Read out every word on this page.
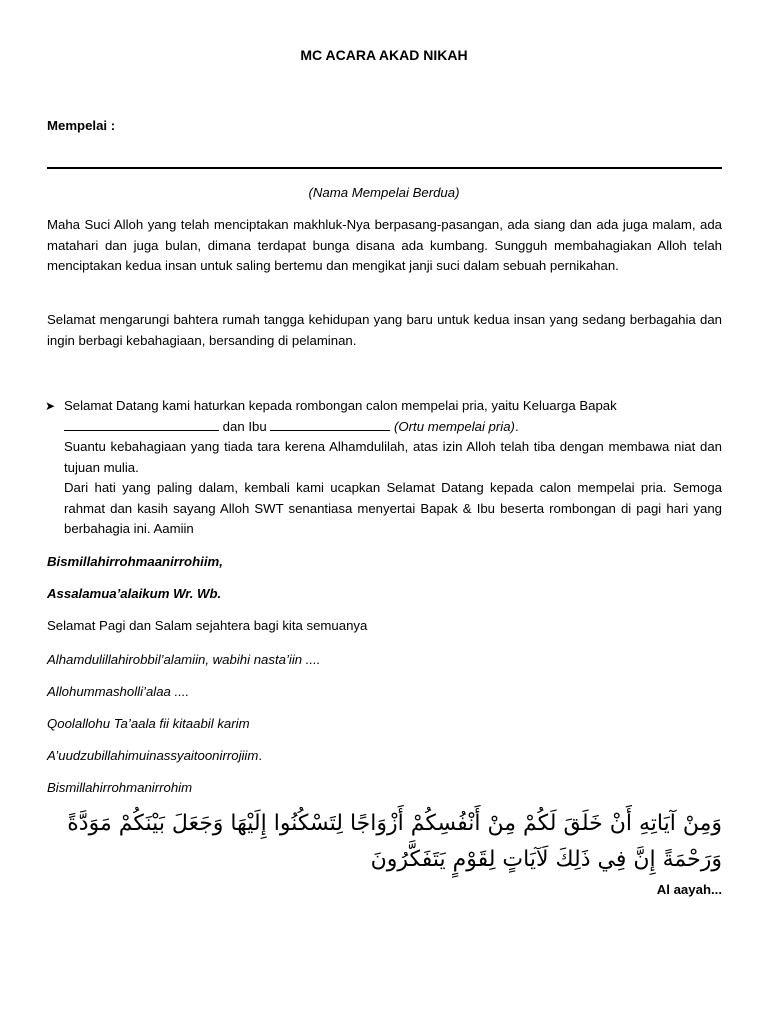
MC ACARA AKAD NIKAH
Mempelai :
(Nama Mempelai Berdua)

Maha Suci Alloh yang telah menciptakan makhluk-Nya berpasang-pasangan, ada siang dan ada juga malam, ada matahari dan juga bulan, dimana terdapat bunga disana ada kumbang. Sungguh membahagiakan Alloh telah menciptakan kedua insan untuk saling bertemu dan mengikat janji suci dalam sebuah pernikahan.

Selamat mengarungi bahtera rumah tangga kehidupan yang baru untuk kedua insan yang sedang berbagahia dan ingin berbagi kebahagiaan, bersanding di pelaminan.

➤ Selamat Datang kami haturkan kepada rombongan calon mempelai pria, yaitu Keluarga Bapak
dan Ibu	(Ortu mempelai pria).
Suantu kebahagiaan yang tiada tara kerena Alhamdulilah, atas izin Alloh telah tiba dengan membawa niat dan tujuan mulia.
Dari hati yang paling dalam, kembali kami ucapkan Selamat Datang kepada calon mempelai pria. Semoga rahmat dan kasih sayang Alloh SWT senantiasa menyertai Bapak & Ibu beserta rombongan di pagi hari yang berbahagia ini. Aamiin
Bismillahirrohmaanirrohiim,
Assalamua’alaikum Wr. Wb.
Selamat Pagi dan Salam sejahtera bagi kita semuanya
Alhamdulillahirobbil’alamiin, wabihi nasta’iin ....
Allohummasholli’alaa ....
Qoolallohu Ta’aala fii kitaabil karim
A’uudzubillahimuinassyaitoonirrojiim.
Bismillahirrohmanirrohim
وَمِنْ آيَاتِهِ أَنْ خَلَقَ لَكُمْ مِنْ أَنْفُسِكُمْ أَزْوَاجًا لِتَسْكُنُوا إِلَيْهَا وَجَعَلَ بَيْنَكُمْ مَوَدَّةً وَرَحْمَةً إِنَّ فِي ذَلِكَ لَآيَاتٍ لِقَوْمٍ يَتَفَكَّرُونَ
Al aayah...
